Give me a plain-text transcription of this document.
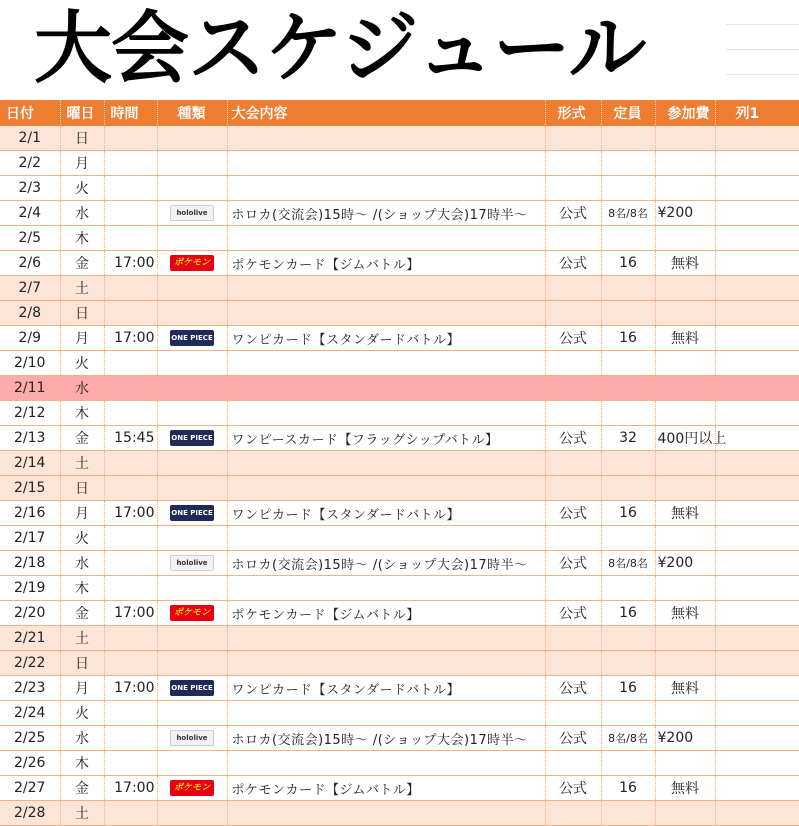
大会スケジュール
日付	曜日	時間	種類	大会内容	形式	定員	参加費	列1
2/1	日							
2/2	月							
2/3	火							
2/4	水		hololive	ホロカ(交流会)15時～ /(ショップ大会)17時半～	公式	8名/8名	¥200	
2/5	木							
2/6	金	17:00	ポケモン	ポケモンカード【ジムバトル】	公式	16	無料	
2/7	土							
2/8	日							
2/9	月	17:00	ONE PIECE	ワンピカード【スタンダードバトル】	公式	16	無料	
2/10	火							
2/11	水							
2/12	木							
2/13	金	15:45	ONE PIECE	ワンピースカード【フラッグシップバトル】	公式	32	400円以上	
2/14	土							
2/15	日							
2/16	月	17:00	ONE PIECE	ワンピカード【スタンダードバトル】	公式	16	無料	
2/17	火							
2/18	水		hololive	ホロカ(交流会)15時～ /(ショップ大会)17時半～	公式	8名/8名	¥200	
2/19	木							
2/20	金	17:00	ポケモン	ポケモンカード【ジムバトル】	公式	16	無料	
2/21	土							
2/22	日							
2/23	月	17:00	ONE PIECE	ワンピカード【スタンダードバトル】	公式	16	無料	
2/24	火							
2/25	水		hololive	ホロカ(交流会)15時～ /(ショップ大会)17時半～	公式	8名/8名	¥200	
2/26	木							
2/27	金	17:00	ポケモン	ポケモンカード【ジムバトル】	公式	16	無料	
2/28	土							
